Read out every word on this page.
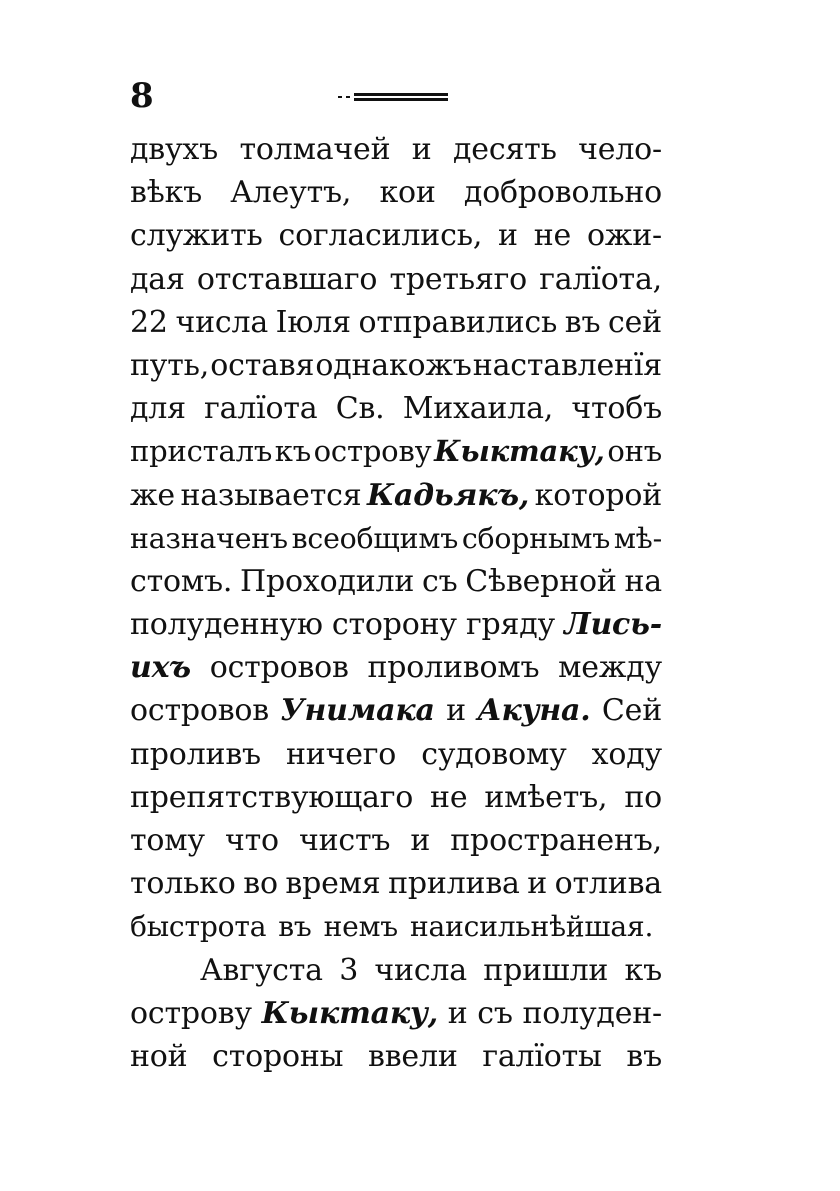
8
двухъ толмачей и десять чело-
вѣкъ Алеутъ, кои добровольно
служить согласились, и не ожи-
дая отставшаго третьяго галїота,
22 числа Iюля отправились въ сей
путь, оставя однакожъ наставленїя
для галїота Св. Михаила, чтобъ
присталъ къ острову Кыктаку, онъ
же называется Кадьякъ, которой
назначенъ всеобщимъ сборнымъ мѣ-
стомъ. Проходили съ Сѣверной на
полуденную сторону гряду Лись-
ихъ островов проливомъ между
островов Унимака и Акуна. Сей
проливъ ничего судовому ходу
препятствующаго не имѣетъ, по
тому что чистъ и пространенъ,
только во время прилива и отлива
быстрота въ немъ наисильнѣйшая.
Августа 3 числа пришли къ
острову Кыктаку, и съ полуден-
ной стороны ввели галїоты въ
